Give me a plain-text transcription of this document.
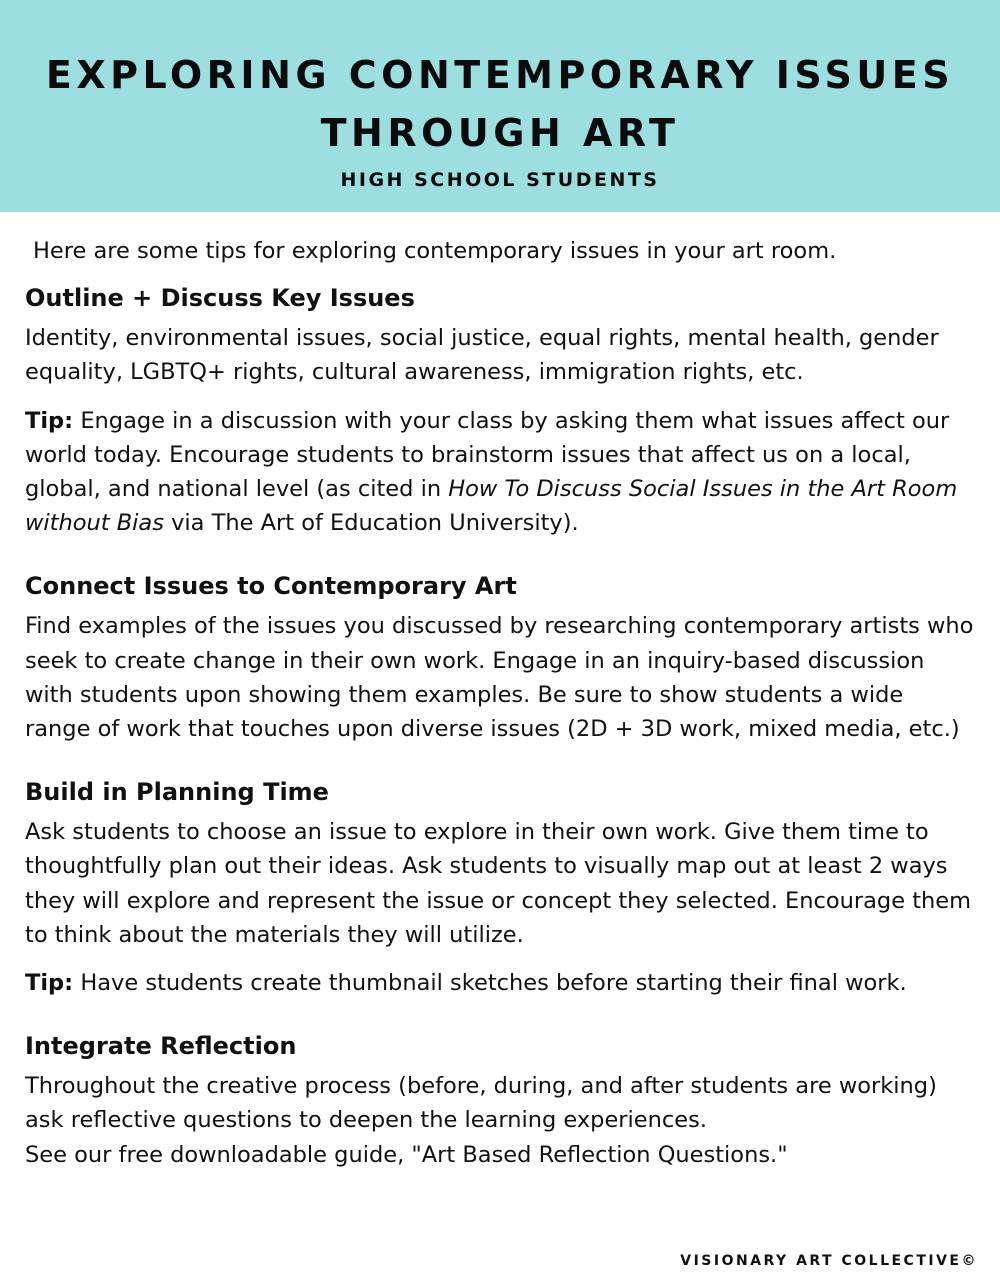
EXPLORING CONTEMPORARY ISSUES
THROUGH ART
HIGH SCHOOL STUDENTS

Here are some tips for exploring contemporary issues in your art room.

Outline + Discuss Key Issues

Identity, environmental issues, social justice, equal rights, mental health, gender equality, LGBTQ+ rights, cultural awareness, immigration rights, etc.

Tip: Engage in a discussion with your class by asking them what issues affect our world today. Encourage students to brainstorm issues that affect us on a local, global, and national level (as cited in How To Discuss Social Issues in the Art Room without Bias via The Art of Education University).

Connect Issues to Contemporary Art

Find examples of the issues you discussed by researching contemporary artists who seek to create change in their own work. Engage in an inquiry-based discussion with students upon showing them examples. Be sure to show students a wide range of work that touches upon diverse issues (2D + 3D work, mixed media, etc.)

Build in Planning Time

Ask students to choose an issue to explore in their own work. Give them time to thoughtfully plan out their ideas. Ask students to visually map out at least 2 ways they will explore and represent the issue or concept they selected. Encourage them to think about the materials they will utilize.

Tip: Have students create thumbnail sketches before starting their final work.

Integrate Reflection

Throughout the creative process (before, during, and after students are working) ask reflective questions to deepen the learning experiences.

See our free downloadable guide, "Art Based Reflection Questions."

VISIONARY ART COLLECTIVE©
